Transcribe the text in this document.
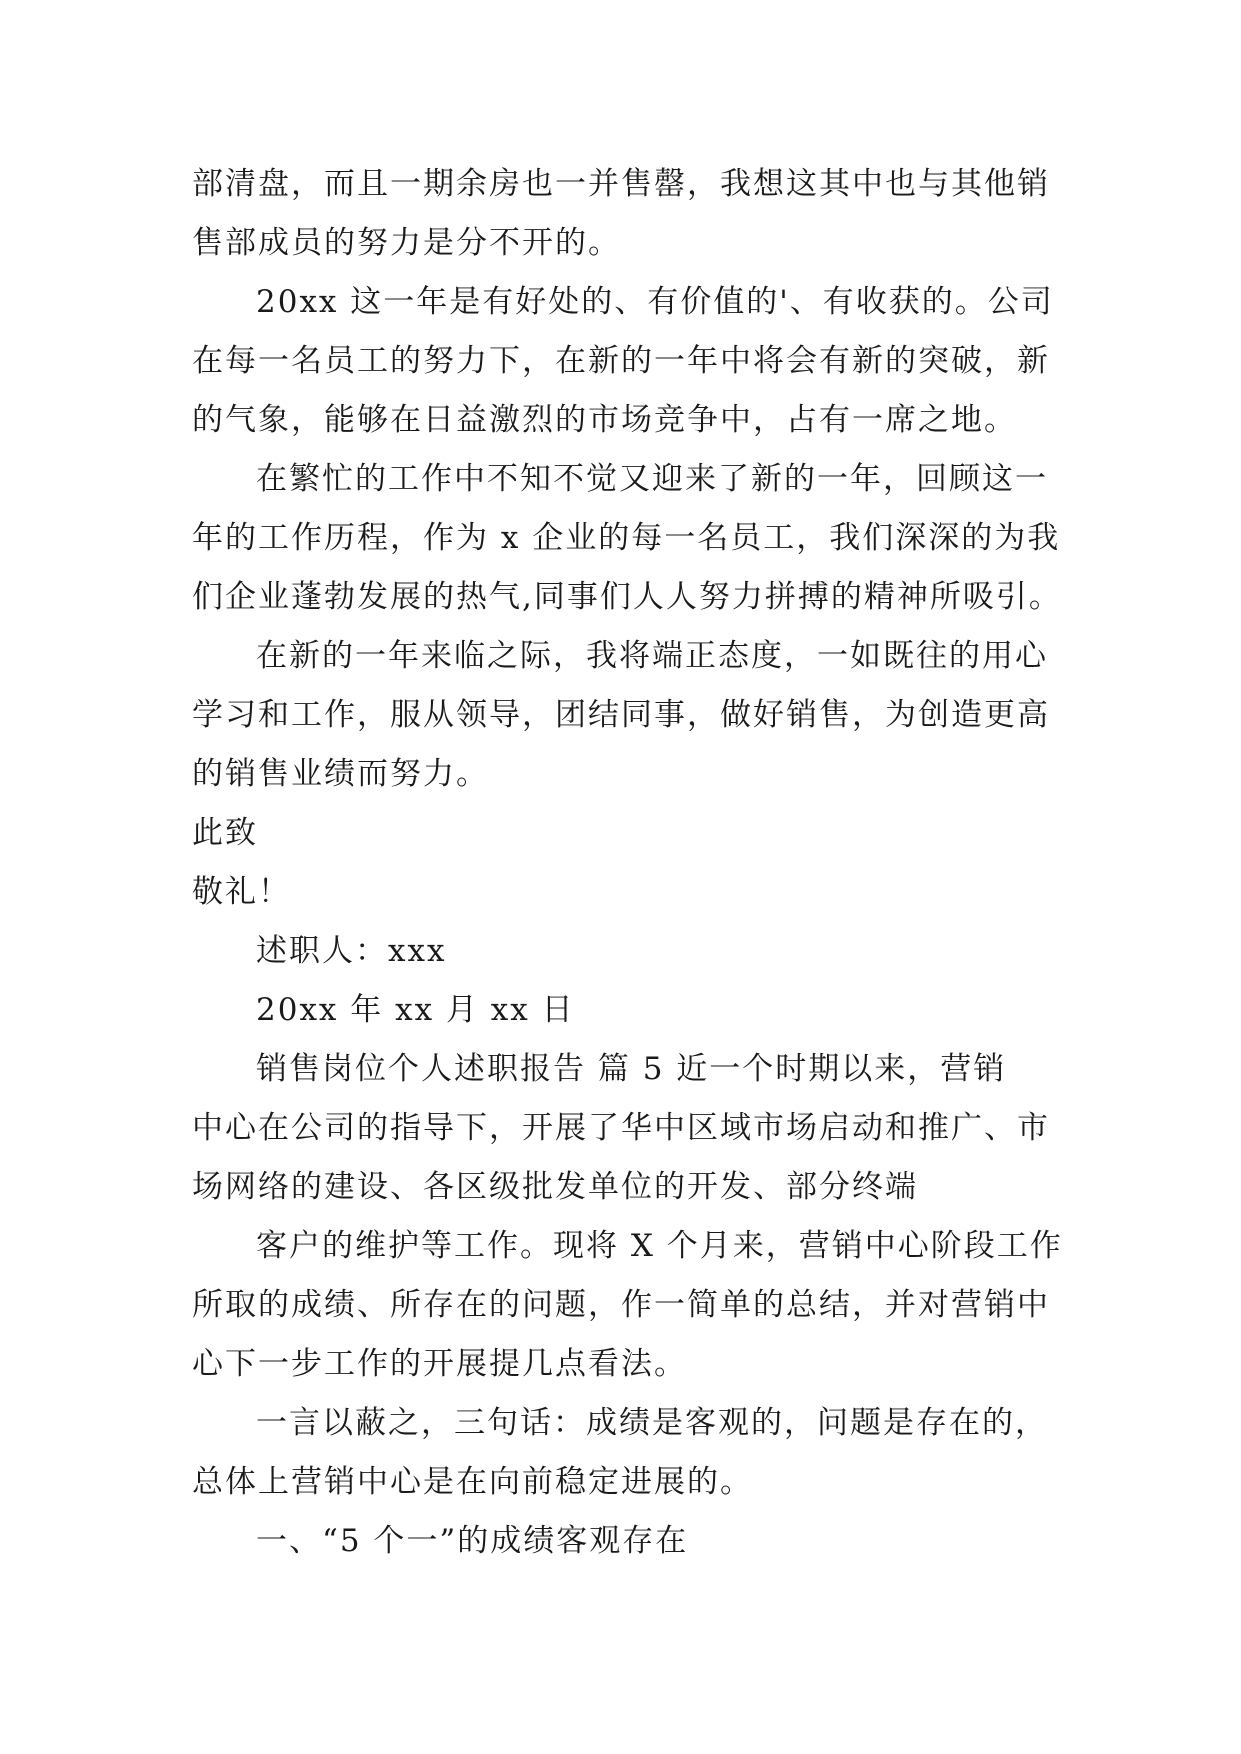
部清盘，而且一期余房也一并售罄，我想这其中也与其他销
售部成员的努力是分不开的。
20xx 这一年是有好处的、有价值的'、有收获的。公司
在每一名员工的努力下，在新的一年中将会有新的突破，新
的气象，能够在日益激烈的市场竞争中，占有一席之地。
在繁忙的工作中不知不觉又迎来了新的一年，回顾这一
年的工作历程，作为 x 企业的每一名员工，我们深深的为我
们企业蓬勃发展的热气,同事们人人努力拼搏的精神所吸引。
在新的一年来临之际，我将端正态度，一如既往的用心
学习和工作，服从领导，团结同事，做好销售，为创造更高
的销售业绩而努力。
此致
敬礼！
述职人：xxx
20xx 年 xx 月 xx 日
销售岗位个人述职报告 篇 5 近一个时期以来，营销
中心在公司的指导下，开展了华中区域市场启动和推广、市
场网络的建设、各区级批发单位的开发、部分终端
客户的维护等工作。现将 X 个月来，营销中心阶段工作
所取的成绩、所存在的问题，作一简单的总结，并对营销中
心下一步工作的开展提几点看法。
一言以蔽之，三句话：成绩是客观的，问题是存在的，
总体上营销中心是在向前稳定进展的。
一、“5 个一”的成绩客观存在
